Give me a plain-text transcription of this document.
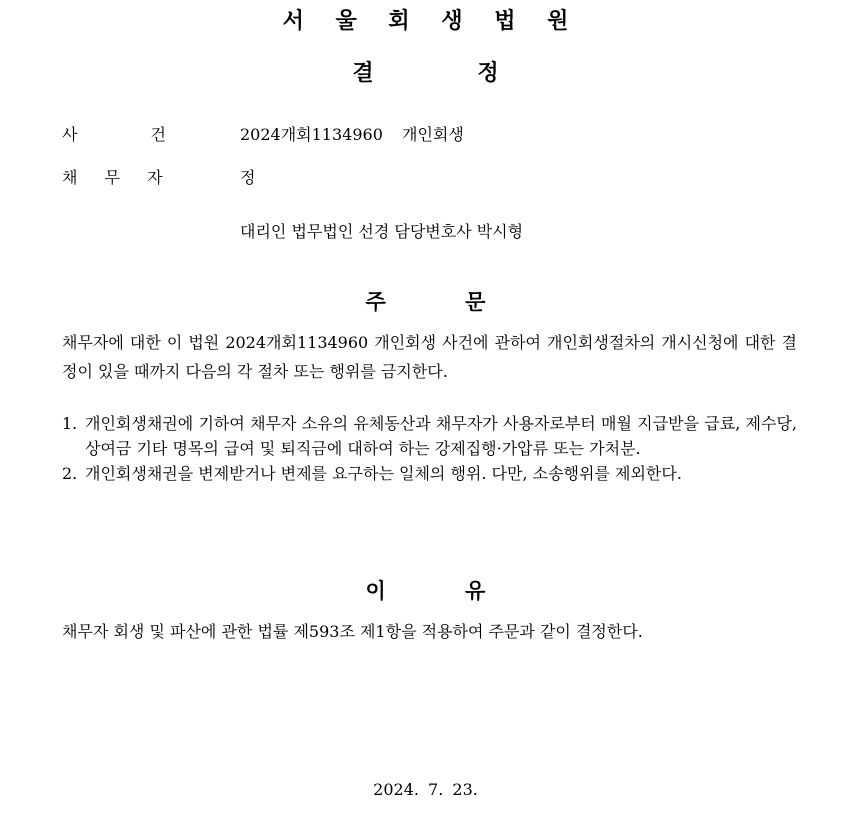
서 울 회 생 법 원
결 정
사 건	2024개회1134960 개인회생
채 무 자	정
대리인 법무법인 선경 담당변호사 박시형
주 문
채무자에 대한 이 법원 2024개회1134960 개인회생 사건에 관하여 개인회생절차의 개시신청에 대한 결정이 있을 때까지 다음의 각 절차 또는 행위를 금지한다.
1. 개인회생채권에 기하여 채무자 소유의 유체동산과 채무자가 사용자로부터 매월 지급받을 급료, 제수당, 상여금 기타 명목의 급여 및 퇴직금에 대하여 하는 강제집행·가압류 또는 가처분.
2. 개인회생채권을 변제받거나 변제를 요구하는 일체의 행위. 다만, 소송행위를 제외한다.
이 유
채무자 회생 및 파산에 관한 법률 제593조 제1항을 적용하여 주문과 같이 결정한다.
2024. 7. 23.
